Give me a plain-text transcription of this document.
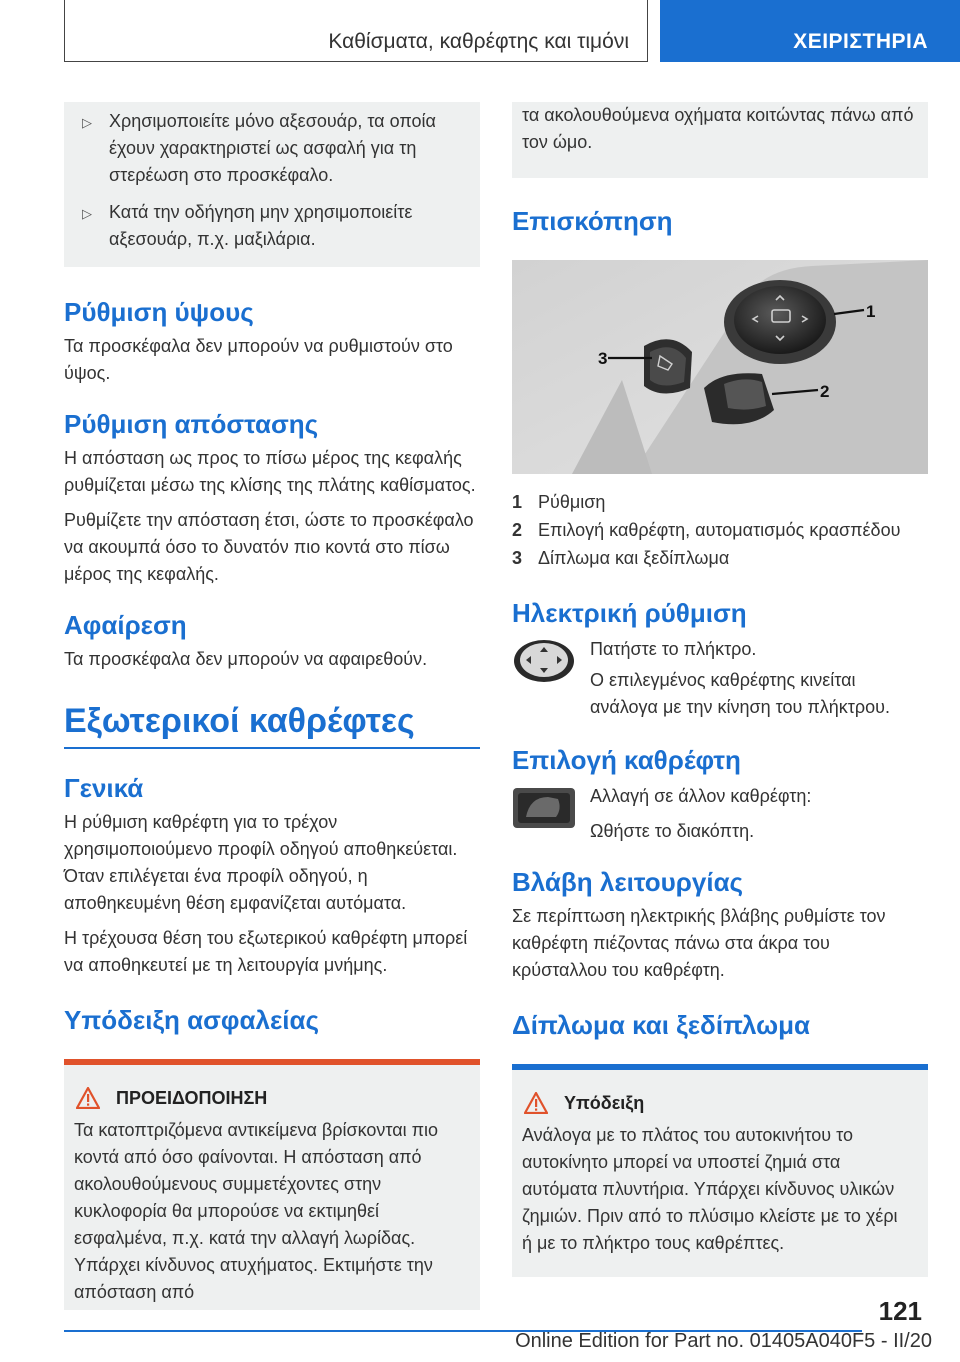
Καθίσματα, καθρέφτης και τιμόνι	ΧΕΙΡΙΣΤΗΡΙΑ
▷ Χρησιμοποιείτε μόνο αξεσουάρ, τα οποία έχουν χαρακτηριστεί ως ασφαλή για τη στερέωση στο προσκέφαλο.
▷ Κατά την οδήγηση μην χρησιμοποιείτε αξεσουάρ, π.χ. μαξιλάρια.
Ρύθμιση ύψους

Τα προσκέφαλα δεν μπορούν να ρυθμιστούν στο ύψος.

Ρύθμιση απόστασης

Η απόσταση ως προς το πίσω μέρος της κεφαλής ρυθμίζεται μέσω της κλίσης της πλάτης καθίσματος.

Ρυθμίζετε την απόσταση έτσι, ώστε το προσκέφαλο να ακουμπά όσο το δυνατόν πιο κοντά στο πίσω μέρος της κεφαλής.

Αφαίρεση

Τα προσκέφαλα δεν μπορούν να αφαιρεθούν.

Εξωτερικοί καθρέφτες
Γενικά

Η ρύθμιση καθρέφτη για το τρέχον χρησιμοποιούμενο προφίλ οδηγού αποθηκεύεται. Όταν επιλέγεται ένα προφίλ οδηγού, η αποθηκευμένη θέση εμφανίζεται αυτόματα.

Η τρέχουσα θέση του εξωτερικού καθρέφτη μπορεί να αποθηκευτεί με τη λειτουργία μνήμης.

Υπόδειξη ασφαλείας
ΠΡΟΕΙΔΟΠΟΙΗΣΗ

Τα κατοπτριζόμενα αντικείμενα βρίσκονται πιο κοντά από όσο φαίνονται. Η απόσταση από ακολουθούμενους συμμετέχοντες στην κυκλοφορία θα μπορούσε να εκτιμηθεί εσφαλμένα, π.χ. κατά την αλλαγή λωρίδας. Υπάρχει κίνδυνος ατυχήματος. Εκτιμήστε την απόσταση από

τα ακολουθούμενα οχήματα κοιτώντας πάνω από τον ώμο.

Επισκόπηση
1
2
3
1 Ρύθμιση
2 Επιλογή καθρέφτη, αυτοματισμός κρασπέδου
3 Δίπλωμα και ξεδίπλωμα
Ηλεκτρική ρύθμιση

Πατήστε το πλήκτρο.

Ο επιλεγμένος καθρέφτης κινείται ανάλογα με την κίνηση του πλήκτρου.

Επιλογή καθρέφτη

Αλλαγή σε άλλον καθρέφτη:

Ωθήστε το διακόπτη.

Βλάβη λειτουργίας

Σε περίπτωση ηλεκτρικής βλάβης ρυθμίστε τον καθρέφτη πιέζοντας πάνω στα άκρα του κρύσταλλου του καθρέφτη.

Δίπλωμα και ξεδίπλωμα
Υπόδειξη

Ανάλογα με το πλάτος του αυτοκινήτου το αυτοκίνητο μπορεί να υποστεί ζημιά στα αυτόματα πλυντήρια. Υπάρχει κίνδυνος υλικών ζημιών. Πριν από το πλύσιμο κλείστε με το χέρι ή με το πλήκτρο τους καθρέπτες.

121
Online Edition for Part no. 01405A040F5 - II/20
